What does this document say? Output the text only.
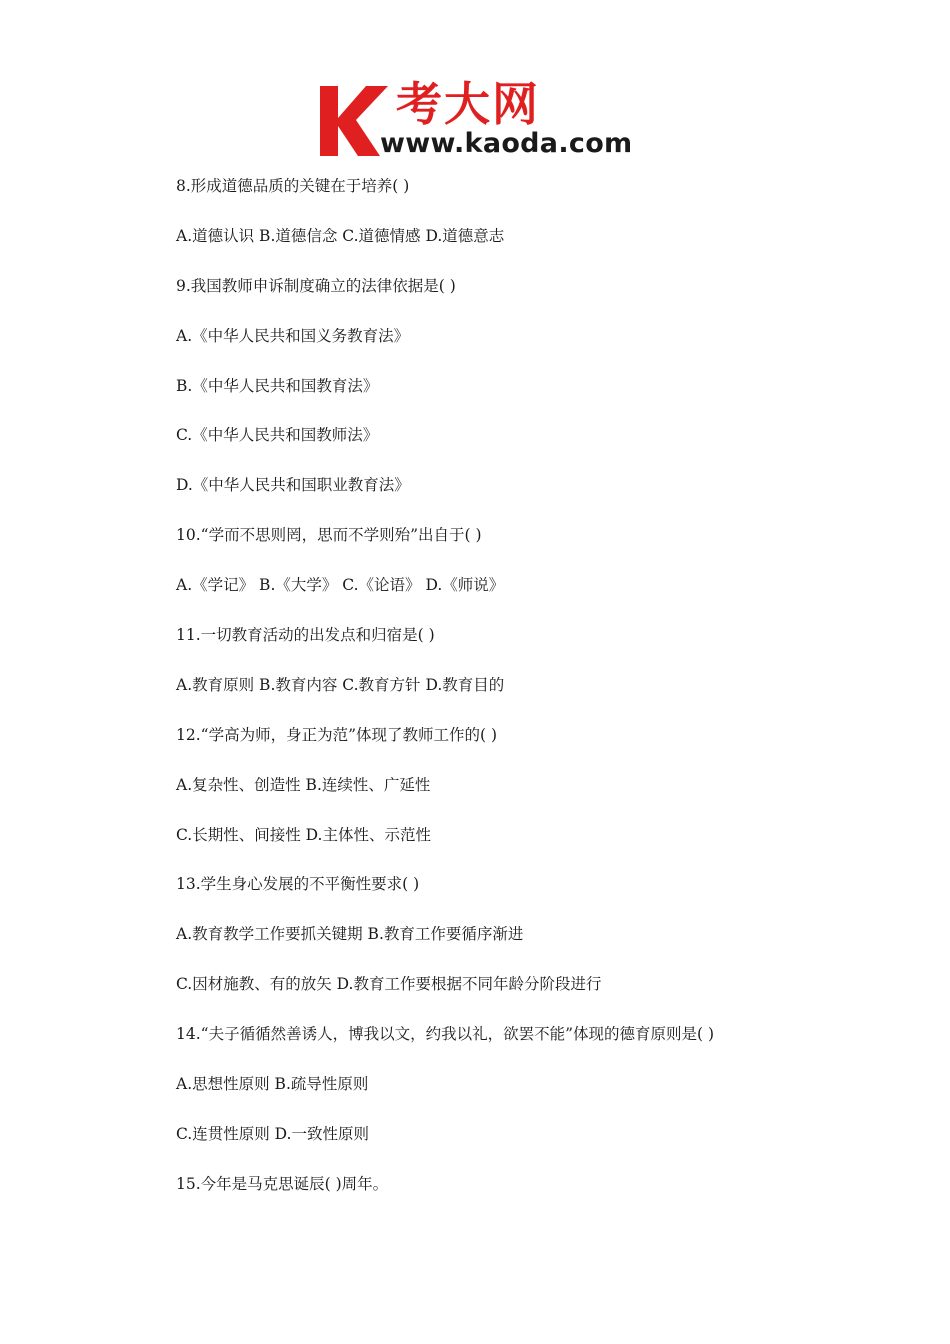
考大网
www.kaoda.com
8.形成道德品质的关键在于培养( )
A.道德认识 B.道德信念 C.道德情感 D.道德意志
9.我国教师申诉制度确立的法律依据是( )
A.《中华人民共和国义务教育法》
B.《中华人民共和国教育法》
C.《中华人民共和国教师法》
D.《中华人民共和国职业教育法》
10.“学而不思则罔，思而不学则殆”出自于( )
A.《学记》 B.《大学》 C.《论语》 D.《师说》
11.一切教育活动的出发点和归宿是( )
A.教育原则 B.教育内容 C.教育方针 D.教育目的
12.“学高为师，身正为范”体现了教师工作的( )
A.复杂性、创造性 B.连续性、广延性
C.长期性、间接性 D.主体性、示范性
13.学生身心发展的不平衡性要求( )
A.教育教学工作要抓关键期 B.教育工作要循序渐进
C.因材施教、有的放矢 D.教育工作要根据不同年龄分阶段进行
14.“夫子循循然善诱人，博我以文，约我以礼，欲罢不能”体现的德育原则是( )
A.思想性原则 B.疏导性原则
C.连贯性原则 D.一致性原则
15.今年是马克思诞辰( )周年。
